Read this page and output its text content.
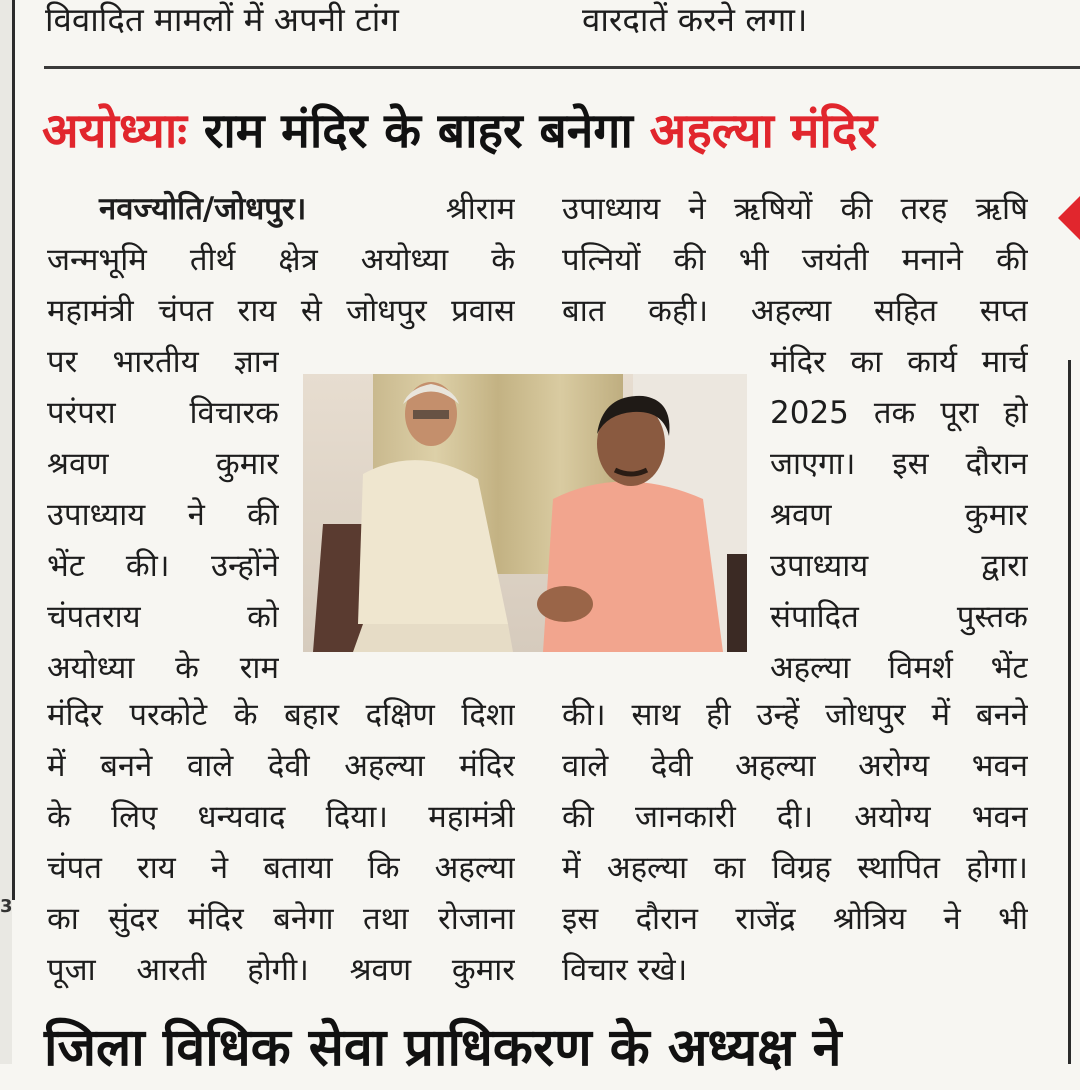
3
विवादित मामलों में अपनी टांग	वारदातें करने लगा।
अयोध्याः राम मंदिर के बाहर बनेगा अहल्या मंदिर
नवज्योति/जोधपुर।	श्रीराम
जन्मभूमि तीर्थ क्षेत्र अयोध्या के
महामंत्री चंपत राय से जोधपुर प्रवास
पर भारतीय ज्ञान
परंपरा विचारक
श्रवण कुमार
उपाध्याय ने की
भेंट की। उन्होंने
चंपतराय को
अयोध्या के राम
मंदिर परकोटे के बहार दक्षिण दिशा
में बनने वाले देवी अहल्या मंदिर
के लिए धन्यवाद दिया। महामंत्री
चंपत राय ने बताया कि अहल्या
का सुंदर मंदिर बनेगा तथा रोजाना
पूजा आरती होगी। श्रवण कुमार
उपाध्याय ने ऋषियों की तरह ऋषि
पत्नियों की भी जयंती मनाने की
बात कही। अहल्या सहित सप्त
मंदिर का कार्य मार्च
2025 तक पूरा हो
जाएगा। इस दौरान
श्रवण कुमार
उपाध्याय द्वारा
संपादित पुस्तक
अहल्या विमर्श भेंट
की। साथ ही उन्हें जोधपुर में बनने
वाले देवी अहल्या अरोग्य भवन
की जानकारी दी। अयोग्य भवन
में अहल्या का विग्रह स्थापित होगा।
इस दौरान राजेंद्र श्रोत्रिय ने भी
विचार रखे।
जिला विधिक सेवा प्राधिकरण के अध्यक्ष ने
